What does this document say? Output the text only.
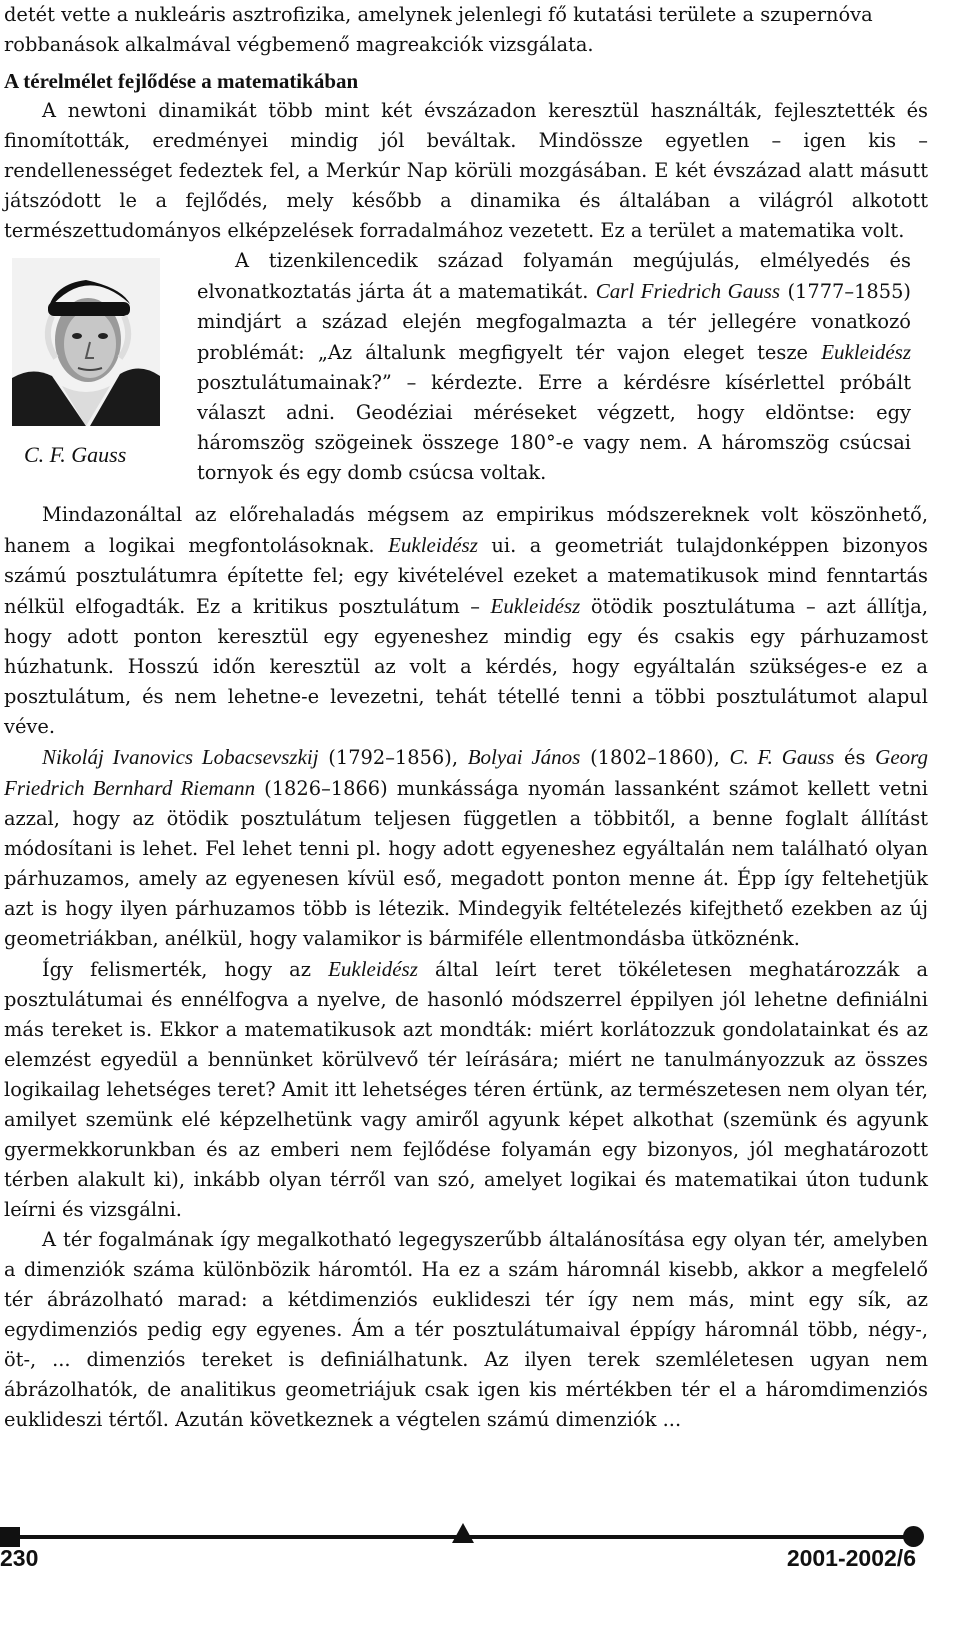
detét vette a nukleáris asztrofizika, amelynek jelenlegi fő kutatási területe a szupernóva

robbanások alkalmával végbemenő magreakciók vizsgálata.

A térelmélet fejlődése a matematikában

A newtoni dinamikát több mint két évszázadon keresztül használták, fejlesztették és finomították, eredményei mindig jól beváltak. Mindössze egyetlen – igen kis – rendellenességet fedeztek fel, a Merkúr Nap körüli mozgásában. E két évszázad alatt másutt játszódott le a fejlődés, mely később a dinamika és általában a világról alkotott természettudományos elképzelések forradalmához vezetett. Ez a terület a matematika volt.

C. F. Gauss

A tizenkilencedik század folyamán megújulás, elmélyedés és elvonatkoztatás járta át a matematikát. Carl Friedrich Gauss (1777–1855) mindjárt a század elején megfogalmazta a tér jellegére vonatkozó problémát: „Az általunk megfigyelt tér vajon eleget tesze Eukleidész posztulátumainak?” – kérdezte. Erre a kérdésre kísérlettel próbált választ adni. Geodéziai méréseket végzett, hogy eldöntse: egy háromszög szögeinek összege 180°-e vagy nem. A háromszög csúcsai tornyok és egy domb csúcsa voltak.

Mindazonáltal az előrehaladás mégsem az empirikus módszereknek volt köszönhető, hanem a logikai megfontolásoknak. Eukleidész ui. a geometriát tulajdonképpen bizonyos számú posztulátumra építette fel; egy kivételével ezeket a matematikusok mind fenntartás nélkül elfogadták. Ez a kritikus posztulátum – Eukleidész ötödik posztulátuma – azt állítja, hogy adott ponton keresztül egy egyeneshez mindig egy és csakis egy párhuzamost húzhatunk. Hosszú időn keresztül az volt a kérdés, hogy egyáltalán szükséges-e ez a posztulátum, és nem lehetne-e levezetni, tehát tétellé tenni a többi posztulátumot alapul véve.

Nikoláj Ivanovics Lobacsevszkij (1792–1856), Bolyai János (1802–1860), C. F. Gauss és Georg Friedrich Bernhard Riemann (1826–1866) munkássága nyomán lassanként számot kellett vetni azzal, hogy az ötödik posztulátum teljesen független a többitől, a benne foglalt állítást módosítani is lehet. Fel lehet tenni pl. hogy adott egyeneshez egyáltalán nem található olyan párhuzamos, amely az egyenesen kívül eső, megadott ponton menne át. Épp így feltehetjük azt is hogy ilyen párhuzamos több is létezik. Mindegyik feltételezés kifejthető ezekben az új geometriákban, anélkül, hogy valamikor is bármiféle ellentmondásba ütköznénk.

Így felismerték, hogy az Eukleidész által leírt teret tökéletesen meghatározzák a posztulátumai és ennélfogva a nyelve, de hasonló módszerrel éppilyen jól lehetne definiálni más tereket is. Ekkor a matematikusok azt mondták: miért korlátozzuk gondolatainkat és az elemzést egyedül a bennünket körülvevő tér leírására; miért ne tanulmányozzuk az összes logikailag lehetséges teret? Amit itt lehetséges téren értünk, az természetesen nem olyan tér, amilyet szemünk elé képzelhetünk vagy amiről agyunk képet alkothat (szemünk és agyunk gyermekkorunkban és az emberi nem fejlődése folyamán egy bizonyos, jól meghatározott térben alakult ki), inkább olyan térről van szó, amelyet logikai és matematikai úton tudunk leírni és vizsgálni.

A tér fogalmának így megalkotható legegyszerűbb általánosítása egy olyan tér, amelyben a dimenziók száma különbözik háromtól. Ha ez a szám háromnál kisebb, akkor a megfelelő tér ábrázolható marad: a kétdimenziós euklideszi tér így nem más, mint egy sík, az egydimenziós pedig egy egyenes. Ám a tér posztulátumaival éppígy háromnál több, négy-, öt-, ... dimenziós tereket is definiálhatunk. Az ilyen terek szemléletesen ugyan nem ábrázolhatók, de analitikus geometriájuk csak igen kis mértékben tér el a háromdimenziós euklideszi tértől. Azután következnek a végtelen számú dimenziók ...

230	2001-2002/6
